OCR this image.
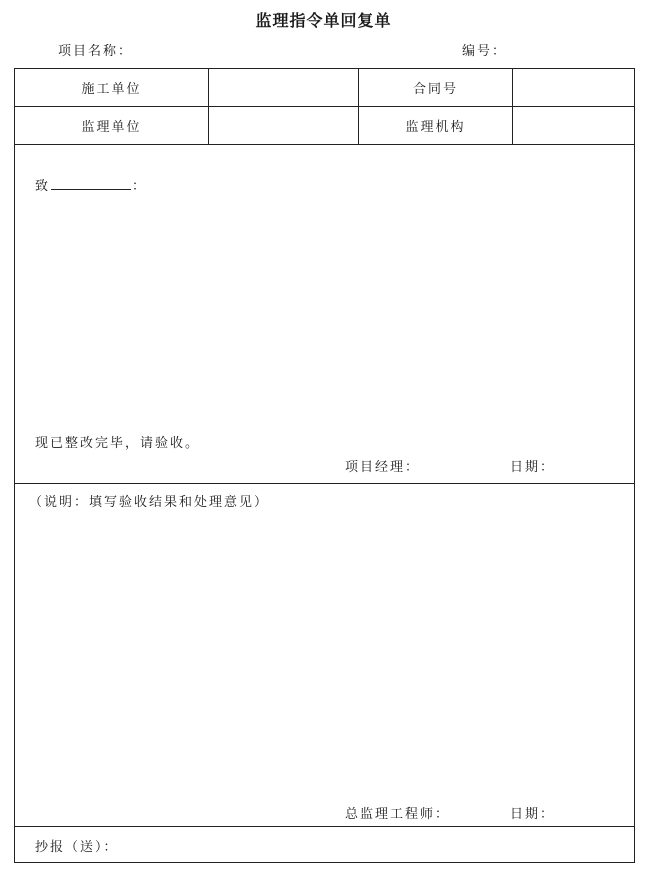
监理指令单回复单
项目名称：	编号：
施工单位	合同号
监理单位	监理机构
致	：
现已整改完毕，请验收。
项目经理：	日期：
（说明：填写验收结果和处理意见）
总监理工程师：	日期：
抄报（送）：
